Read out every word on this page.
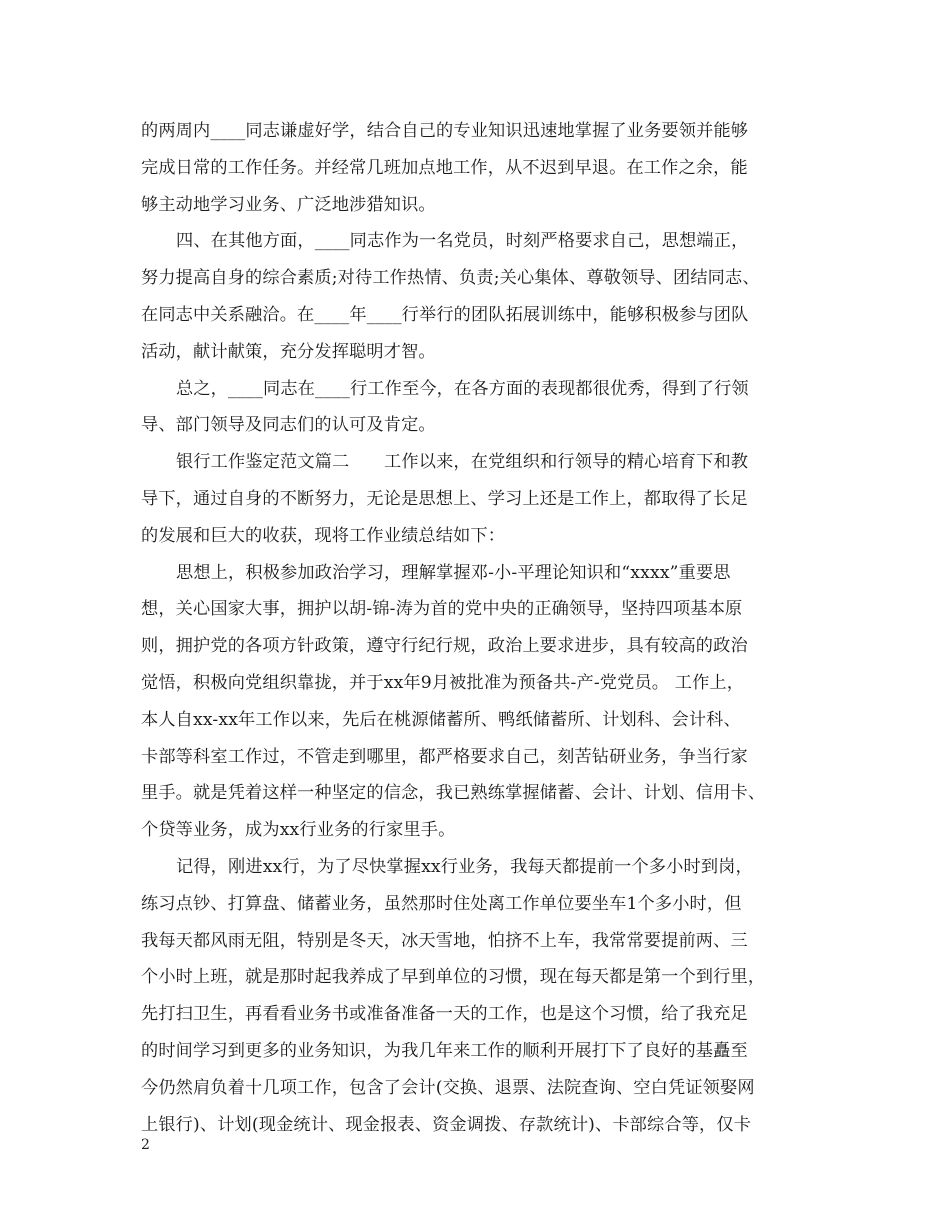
的两周内____同志谦虚好学，结合自己的专业知识迅速地掌握了业务要领并能够
完成日常的工作任务。并经常几班加点地工作，从不迟到早退。在工作之余，能
够主动地学习业务、广泛地涉猎知识。
四、在其他方面，____同志作为一名党员，时刻严格要求自己，思想端正，
努力提高自身的综合素质;对待工作热情、负责;关心集体、尊敬领导、团结同志、
在同志中关系融洽。在____年____行举行的团队拓展训练中，能够积极参与团队
活动，献计献策，充分发挥聪明才智。
总之，____同志在____行工作至今，在各方面的表现都很优秀，得到了行领
导、部门领导及同志们的认可及肯定。
银行工作鉴定范文篇二　　工作以来，在党组织和行领导的精心培育下和教
导下，通过自身的不断努力，无论是思想上、学习上还是工作上，都取得了长足
的发展和巨大的收获，现将工作业绩总结如下：
思想上，积极参加政治学习，理解掌握邓-小-平理论知识和“xxxx”重要思
想，关心国家大事，拥护以胡-锦-涛为首的党中央的正确领导，坚持四项基本原
则，拥护党的各项方针政策，遵守行纪行规，政治上要求进步，具有较高的政治
觉悟，积极向党组织靠拢，并于xx年9月被批准为预备共-产-党党员。 工作上，
本人自xx-xx年工作以来，先后在桃源储蓄所、鸭纸储蓄所、计划科、会计科、
卡部等科室工作过，不管走到哪里，都严格要求自己，刻苦钻研业务，争当行家
里手。就是凭着这样一种坚定的信念，我已熟练掌握储蓄、会计、计划、信用卡、
个贷等业务，成为xx行业务的行家里手。
记得，刚进xx行，为了尽快掌握xx行业务，我每天都提前一个多小时到岗，
练习点钞、打算盘、储蓄业务，虽然那时住处离工作单位要坐车1个多小时，但
我每天都风雨无阻，特别是冬天，冰天雪地，怕挤不上车，我常常要提前两、三
个小时上班，就是那时起我养成了早到单位的习惯，现在每天都是第一个到行里，
先打扫卫生，再看看业务书或准备准备一天的工作，也是这个习惯，给了我充足
的时间学习到更多的业务知识，为我几年来工作的顺利开展打下了良好的基矗至
今仍然肩负着十几项工作，包含了会计(交换、退票、法院查询、空白凭证领娶网
上银行)、计划(现金统计、现金报表、资金调拨、存款统计)、卡部综合等，仅卡
2
